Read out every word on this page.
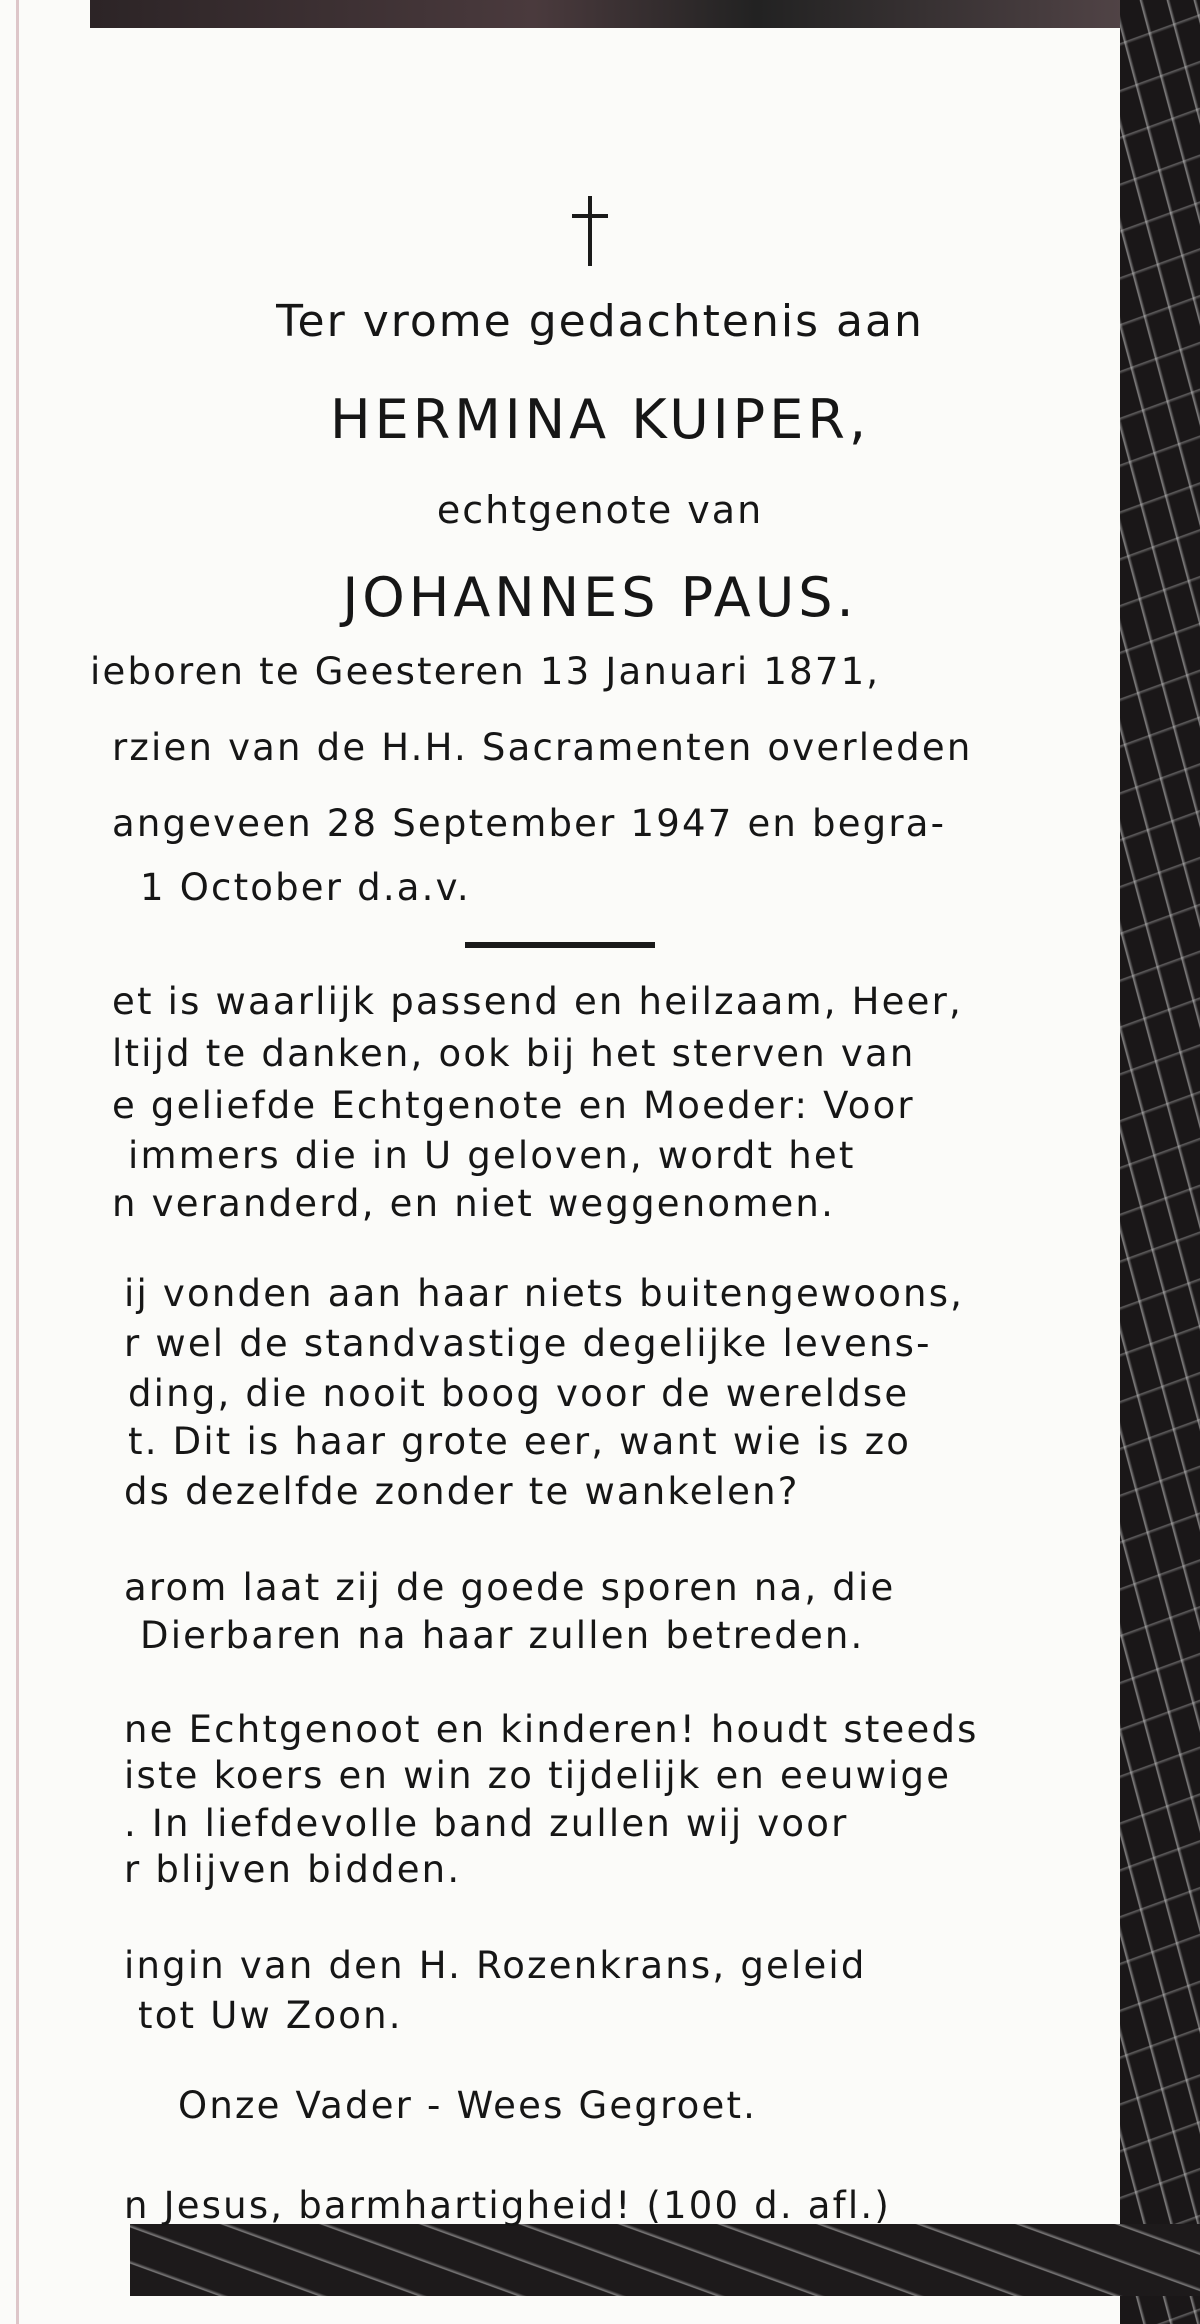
Ter vrome gedachtenis aan
HERMINA KUIPER,
echtgenote van
JOHANNES PAUS.
ieboren te Geesteren 13 Januari 1871,
rzien van de H.H. Sacramenten overleden
angeveen 28 September 1947 en begra-
1 October d.a.v.
et is waarlijk passend en heilzaam, Heer,
ltijd te danken, ook bij het sterven van
e geliefde Echtgenote en Moeder: Voor
immers die in U geloven, wordt het
n veranderd, en niet weggenomen.
ij vonden aan haar niets buitengewoons,
r wel de standvastige degelijke levens-
ding, die nooit boog voor de wereldse
t. Dit is haar grote eer, want wie is zo
ds dezelfde zonder te wankelen?
arom laat zij de goede sporen na, die
Dierbaren na haar zullen betreden.
ne Echtgenoot en kinderen! houdt steeds
iste koers en win zo tijdelijk en eeuwige
. In liefdevolle band zullen wij voor
r blijven bidden.
ingin van den H. Rozenkrans, geleid
tot Uw Zoon.
Onze Vader - Wees Gegroet.
n Jesus, barmhartigheid! (100 d. afl.)
